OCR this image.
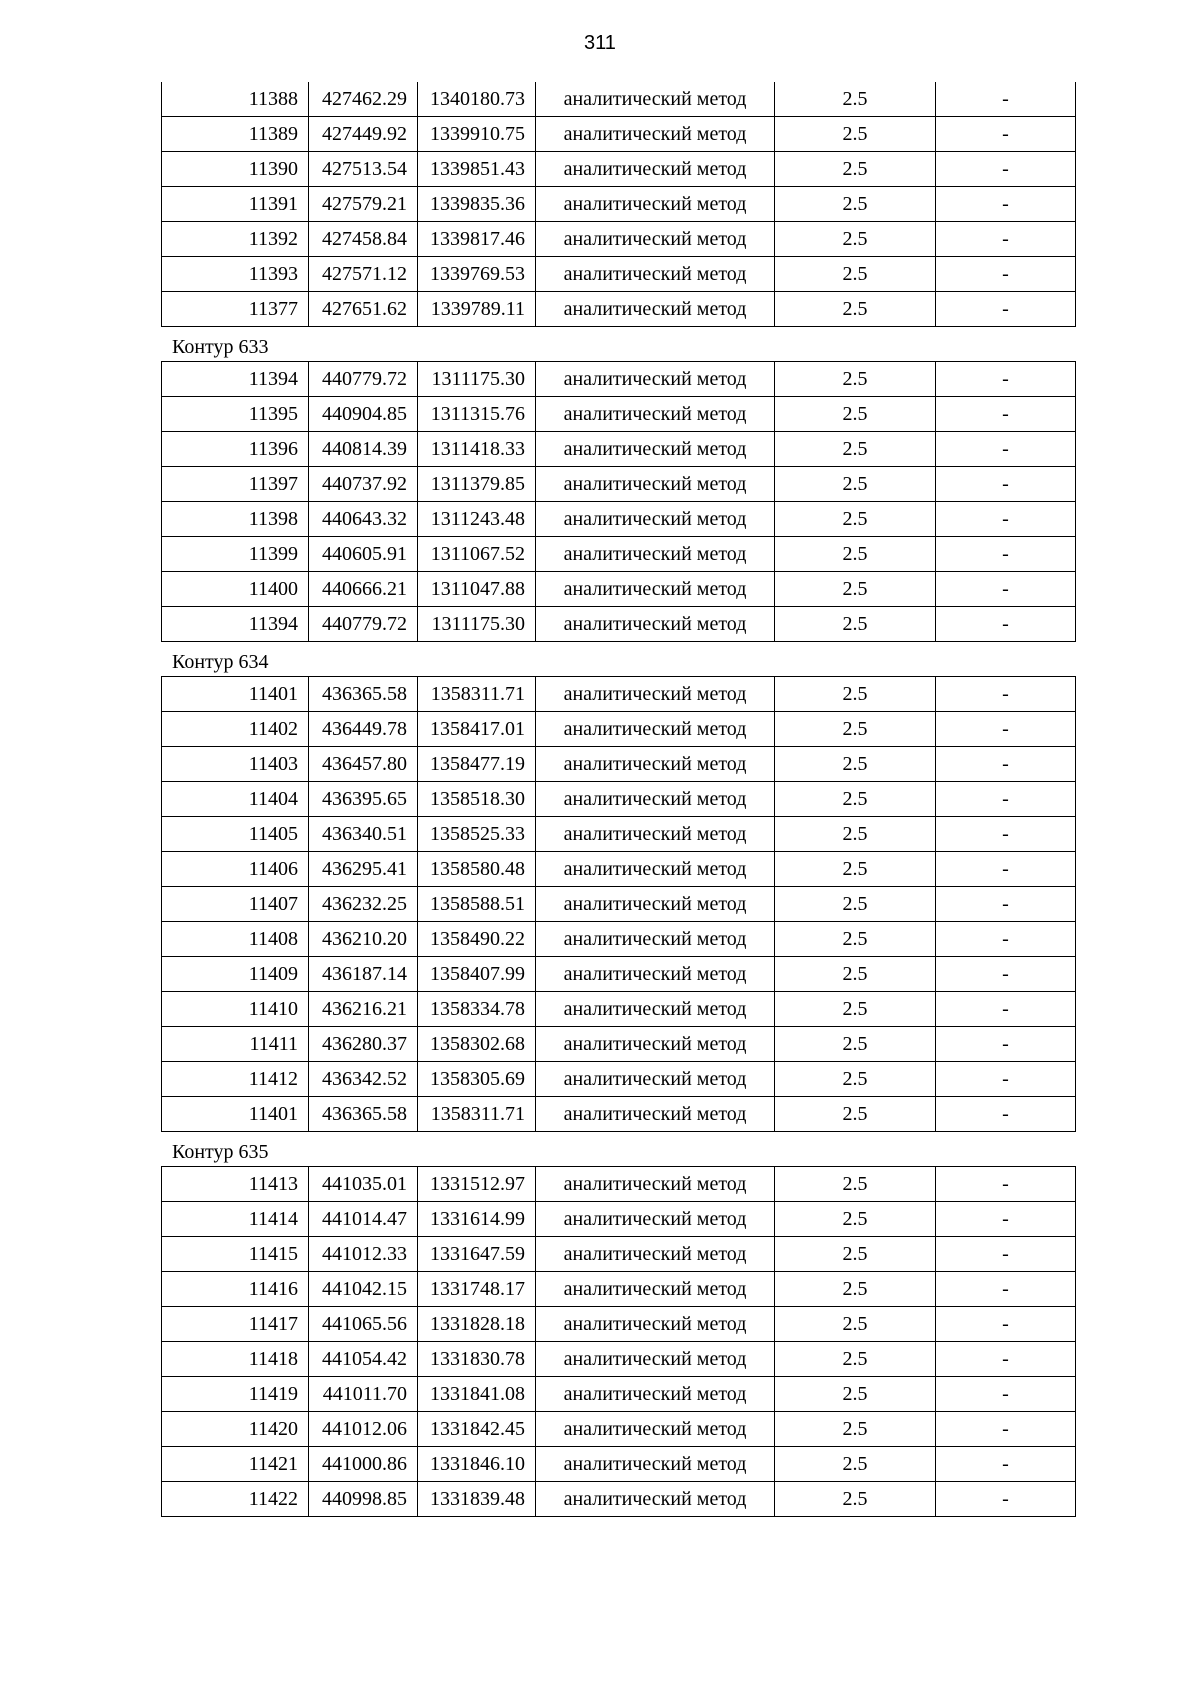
311
11388	427462.29	1340180.73	аналитический метод	2.5	-
11389	427449.92	1339910.75	аналитический метод	2.5	-
11390	427513.54	1339851.43	аналитический метод	2.5	-
11391	427579.21	1339835.36	аналитический метод	2.5	-
11392	427458.84	1339817.46	аналитический метод	2.5	-
11393	427571.12	1339769.53	аналитический метод	2.5	-
11377	427651.62	1339789.11	аналитический метод	2.5	-
Контур 633
11394	440779.72	1311175.30	аналитический метод	2.5	-
11395	440904.85	1311315.76	аналитический метод	2.5	-
11396	440814.39	1311418.33	аналитический метод	2.5	-
11397	440737.92	1311379.85	аналитический метод	2.5	-
11398	440643.32	1311243.48	аналитический метод	2.5	-
11399	440605.91	1311067.52	аналитический метод	2.5	-
11400	440666.21	1311047.88	аналитический метод	2.5	-
11394	440779.72	1311175.30	аналитический метод	2.5	-
Контур 634
11401	436365.58	1358311.71	аналитический метод	2.5	-
11402	436449.78	1358417.01	аналитический метод	2.5	-
11403	436457.80	1358477.19	аналитический метод	2.5	-
11404	436395.65	1358518.30	аналитический метод	2.5	-
11405	436340.51	1358525.33	аналитический метод	2.5	-
11406	436295.41	1358580.48	аналитический метод	2.5	-
11407	436232.25	1358588.51	аналитический метод	2.5	-
11408	436210.20	1358490.22	аналитический метод	2.5	-
11409	436187.14	1358407.99	аналитический метод	2.5	-
11410	436216.21	1358334.78	аналитический метод	2.5	-
11411	436280.37	1358302.68	аналитический метод	2.5	-
11412	436342.52	1358305.69	аналитический метод	2.5	-
11401	436365.58	1358311.71	аналитический метод	2.5	-
Контур 635
11413	441035.01	1331512.97	аналитический метод	2.5	-
11414	441014.47	1331614.99	аналитический метод	2.5	-
11415	441012.33	1331647.59	аналитический метод	2.5	-
11416	441042.15	1331748.17	аналитический метод	2.5	-
11417	441065.56	1331828.18	аналитический метод	2.5	-
11418	441054.42	1331830.78	аналитический метод	2.5	-
11419	441011.70	1331841.08	аналитический метод	2.5	-
11420	441012.06	1331842.45	аналитический метод	2.5	-
11421	441000.86	1331846.10	аналитический метод	2.5	-
11422	440998.85	1331839.48	аналитический метод	2.5	-
